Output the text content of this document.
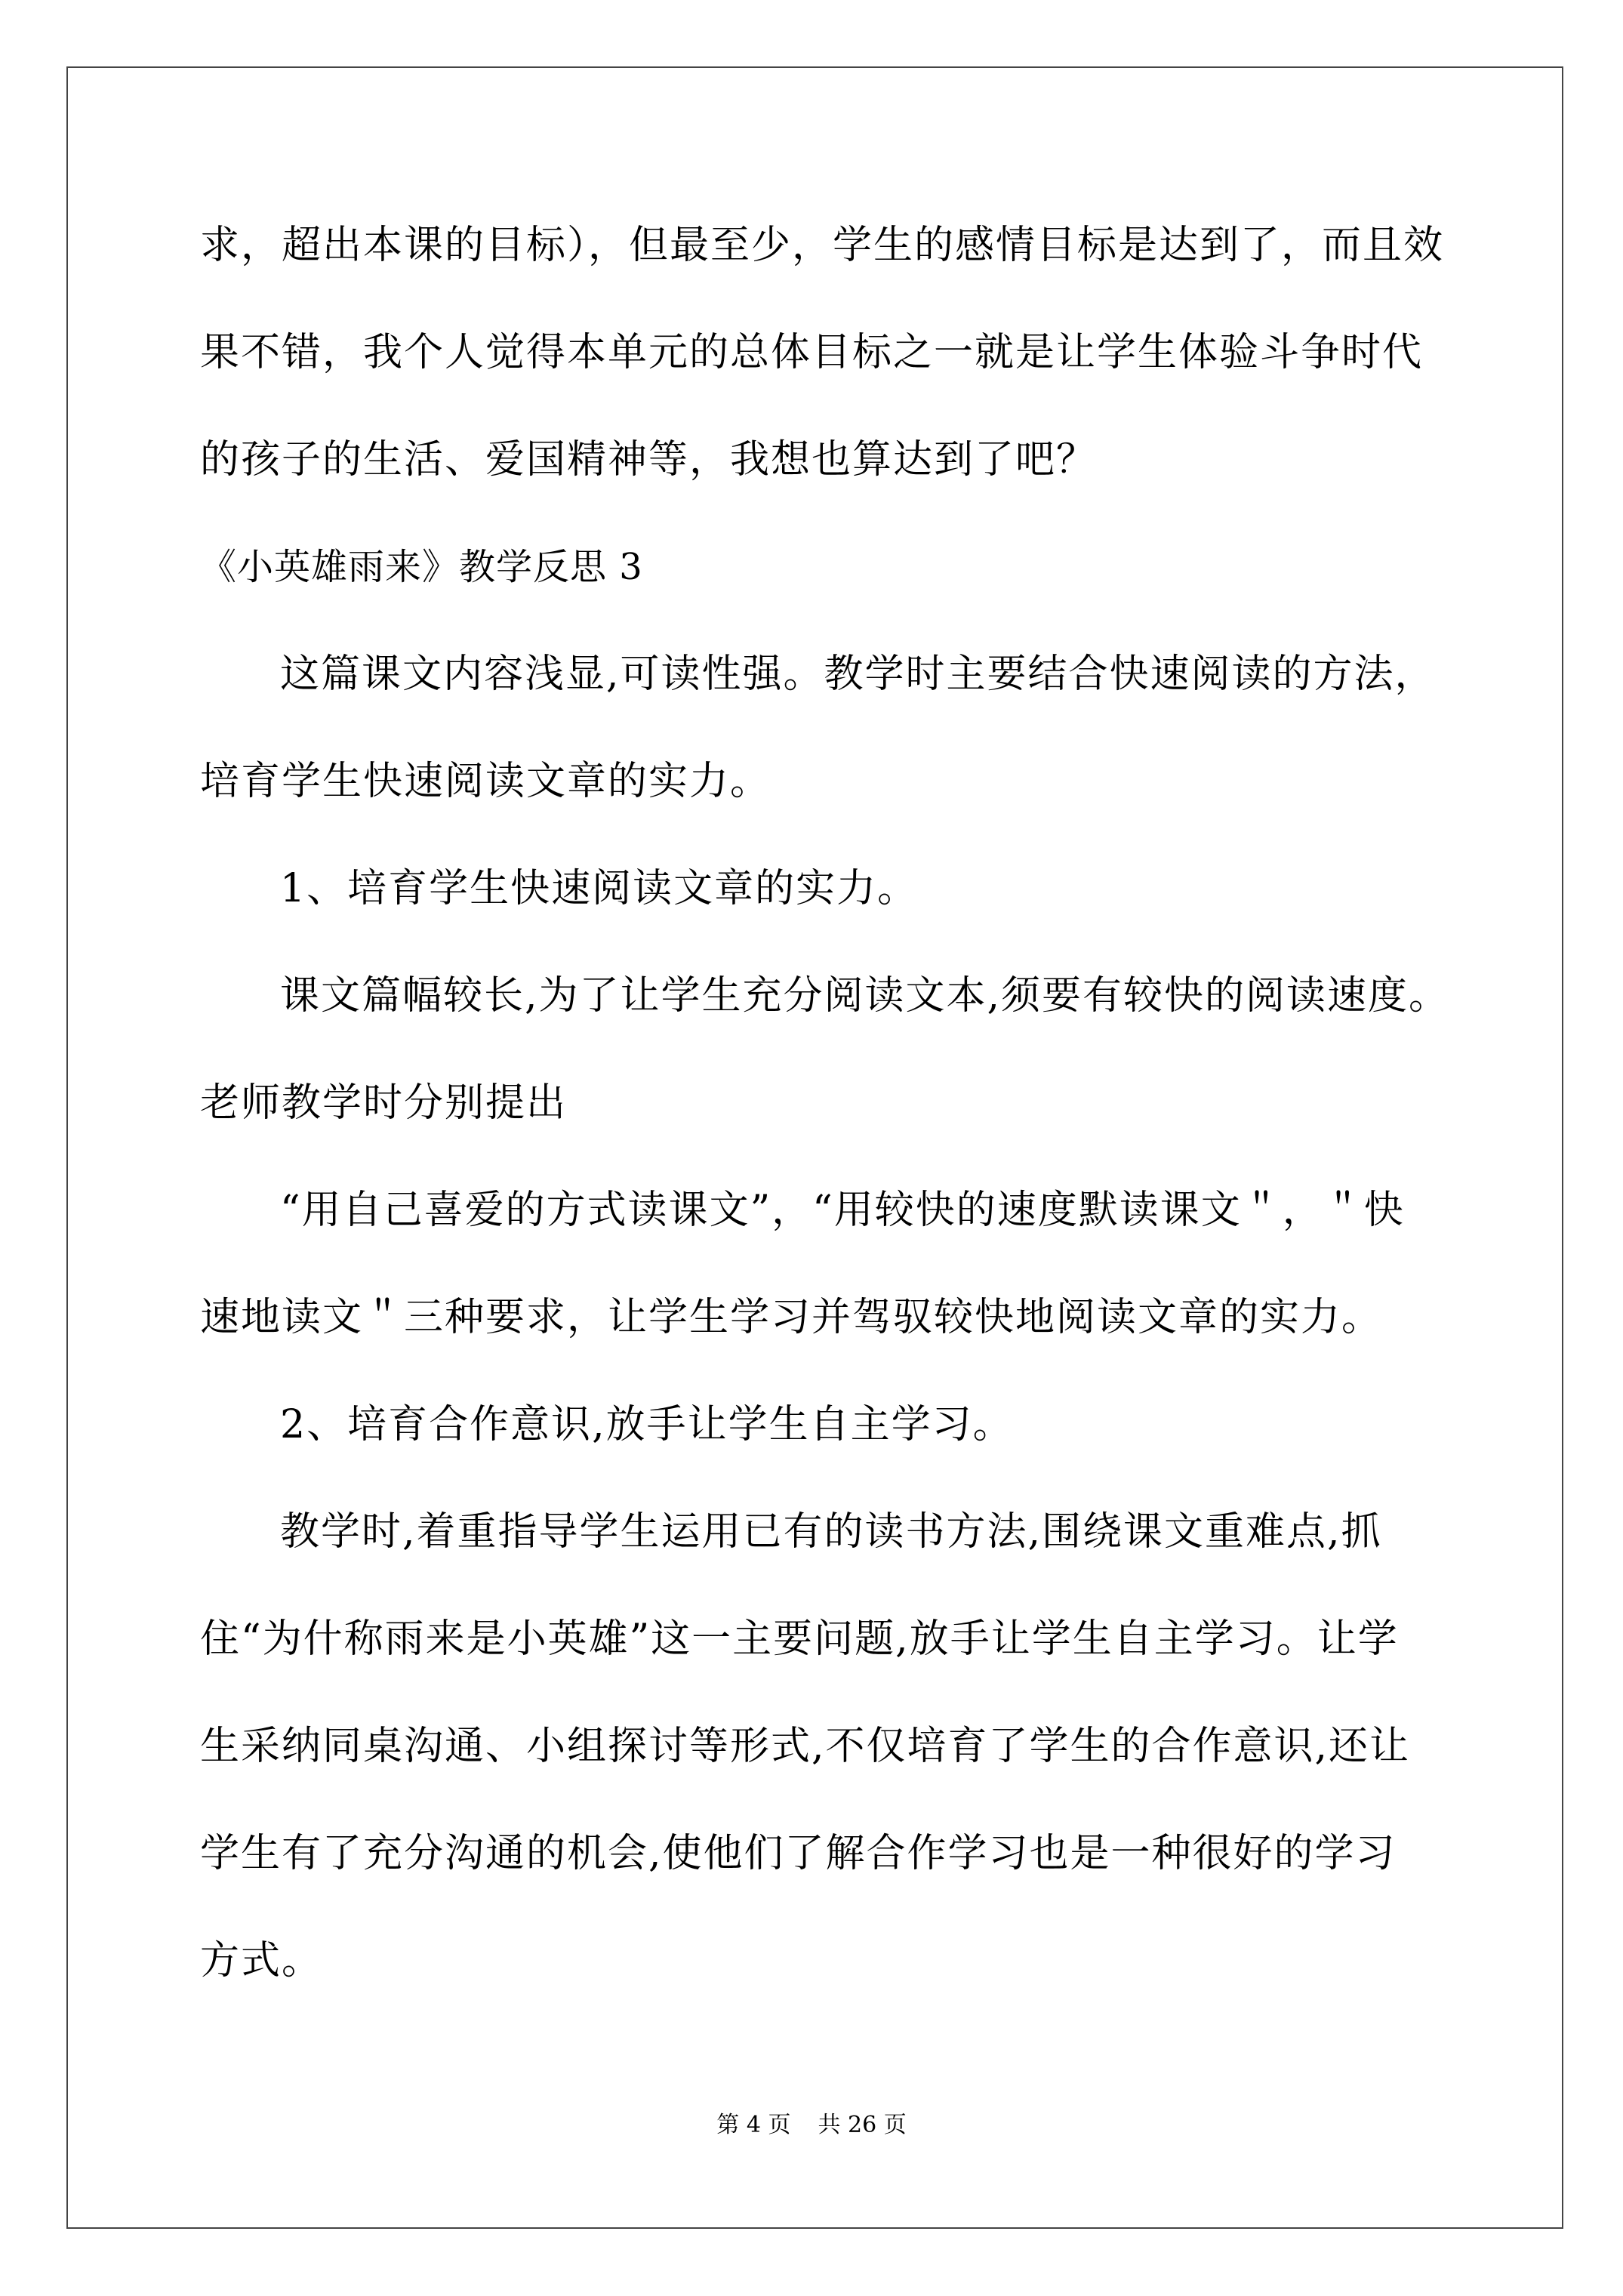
求，超出本课的目标），但最至少，学生的感情目标是达到了，而且效
果不错，我个人觉得本单元的总体目标之一就是让学生体验斗争时代
的孩子的生活、爱国精神等，我想也算达到了吧？
《小英雄雨来》教学反思 3
这篇课文内容浅显,可读性强。教学时主要结合快速阅读的方法，
培育学生快速阅读文章的实力。
1、培育学生快速阅读文章的实力。
课文篇幅较长,为了让学生充分阅读文本,须要有较快的阅读速度。
老师教学时分别提出
“用自己喜爱的方式读课文”，“用较快的速度默读课文＂，＂快
速地读文＂三种要求，让学生学习并驾驭较快地阅读文章的实力。
2、培育合作意识,放手让学生自主学习。
教学时,着重指导学生运用已有的读书方法,围绕课文重难点,抓
住“为什称雨来是小英雄”这一主要问题,放手让学生自主学习。让学
生采纳同桌沟通、小组探讨等形式,不仅培育了学生的合作意识,还让
学生有了充分沟通的机会,使他们了解合作学习也是一种很好的学习
方式。
第 4 页 共 26 页
